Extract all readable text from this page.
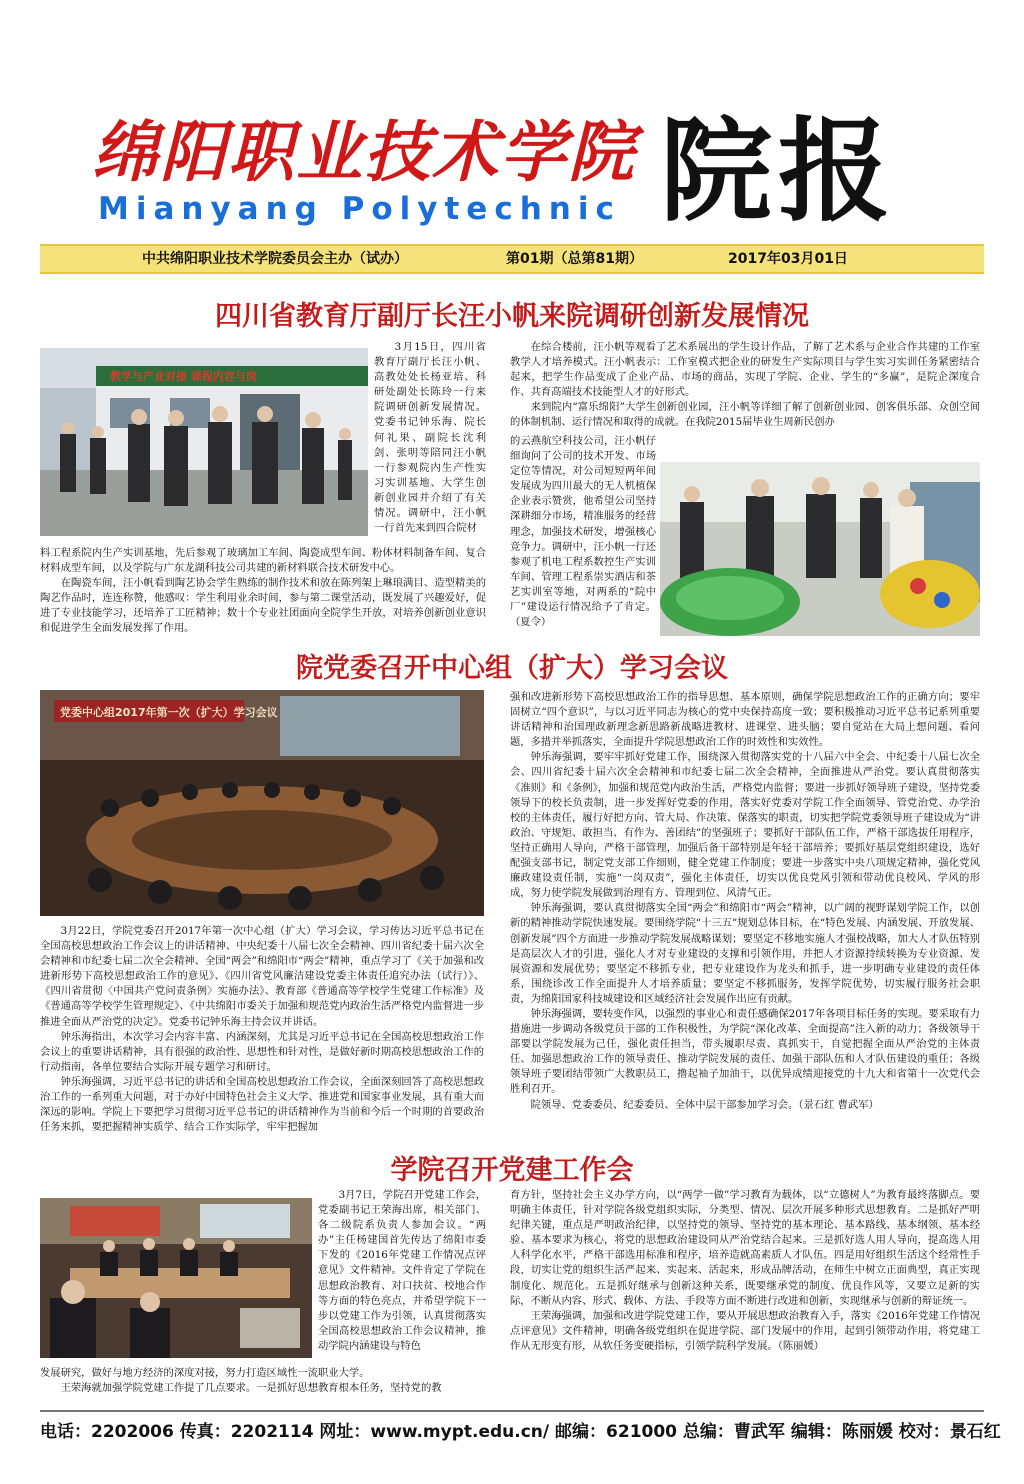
绵阳职业技术学院
Mianyang Polytechnic 院报
中共绵阳职业技术学院委员会主办（试办）	第01期（总第81期）	2017年03月01日
四川省教育厅副厅长汪小帆来院调研创新发展情况
教学与产业对接 课程内容与岗

3月15日，四川省教育厅副厅长汪小帆、高教处处长杨亚培、科研处副处长陈玲一行来院调研创新发展情况。党委书记钟乐海、院长何礼果、副院长沈利剑、张明等陪同汪小帆一行参观院内生产性实习实训基地、大学生创新创业园并介绍了有关情况。调研中，汪小帆一行首先来到四合院材

料工程系院内生产实训基地，先后参观了玻璃加工车间、陶瓷成型车间、粉体材料制备车间、复合材料成型车间，以及学院与广东龙湖科技公司共建的新材料联合技术研发中心。

在陶瓷车间，汪小帆看到陶艺协会学生熟练的制作技术和放在陈列架上琳琅满目、造型精美的陶艺作品时，连连称赞，他感叹：学生利用业余时间，参与第二课堂活动，既发展了兴趣爱好，促进了专业技能学习，还培养了工匠精神；数十个专业社团面向全院学生开放，对培养创新创业意识和促进学生全面发展发挥了作用。

在综合楼前，汪小帆等观看了艺术系展出的学生设计作品，了解了艺术系与企业合作共建的工作室教学人才培养模式。汪小帆表示：工作室模式把企业的研发生产实际项目与学生实习实训任务紧密结合起来，把学生作品变成了企业产品、市场的商品，实现了学院、企业、学生的“多赢”，是院企深度合作、共育高端技术技能型人才的好形式。

来到院内“富乐绵阳”大学生创新创业园，汪小帆等详细了解了创新创业园、创客俱乐部、众创空间的体制机制、运行情况和取得的成就。在我院2015届毕业生周新民创办

的云燕航空科技公司，汪小帆仔细询问了公司的技术开发、市场定位等情况，对公司短短两年间发展成为四川最大的无人机植保企业表示赞赏，他希望公司坚持深耕细分市场，精准服务的经营理念，加强技术研发，增强核心竞争力。调研中，汪小帆一行还参观了机电工程系数控生产实训车间、管理工程系崇实酒店和茶艺实训室等地，对两系的“院中厂”建设运行情况给予了肯定。（夏令）

院党委召开中心组（扩大）学习会议
党委中心组2017年第一次（扩大）学习会议

3月22日，学院党委召开2017年第一次中心组（扩大）学习会议，学习传达习近平总书记在全国高校思想政治工作会议上的讲话精神、中央纪委十八届七次全会精神、四川省纪委十届六次全会精神和市纪委七届二次全会精神、全国“两会”和绵阳市“两会”精神，重点学习了《关于加强和改进新形势下高校思想政治工作的意见》、《四川省党风廉洁建设党委主体责任追究办法（试行）》、《四川省贯彻〈中国共产党问责条例〉实施办法》、教育部《普通高等学校学生党建工作标准》及《普通高等学校学生管理规定》、《中共绵阳市委关于加强和规范党内政治生活严格党内监督进一步推进全面从严治党的决定》。党委书记钟乐海主持会议并讲话。

钟乐海指出，本次学习会内容丰富、内涵深刻，尤其是习近平总书记在全国高校思想政治工作会议上的重要讲话精神，具有很强的政治性、思想性和针对性，是做好新时期高校思想政治工作的行动指南，各单位要结合实际开展专题学习和研讨。

钟乐海强调，习近平总书记的讲话和全国高校思想政治工作会议，全面深刻回答了高校思想政治工作的一系列重大问题，对于办好中国特色社会主义大学、推进党和国家事业发展，具有重大而深远的影响。学院上下要把学习贯彻习近平总书记的讲话精神作为当前和今后一个时期的首要政治任务来抓，要把握精神实质学、结合工作实际学，牢牢把握加

强和改进新形势下高校思想政治工作的指导思想、基本原则，确保学院思想政治工作的正确方向；要牢固树立“四个意识”，与以习近平同志为核心的党中央保持高度一致；要积极推动习近平总书记系列重要讲话精神和治国理政新理念新思路新战略进教材、进课堂、进头脑；要自觉站在大局上想问题、看问题，多措并举抓落实，全面提升学院思想政治工作的时效性和实效性。

钟乐海强调，要牢牢抓好党建工作，围绕深入贯彻落实党的十八届六中全会、中纪委十八届七次全会、四川省纪委十届六次全会精神和市纪委七届二次全会精神，全面推进从严治党。要认真贯彻落实《准则》和《条例》，加强和规范党内政治生活，严格党内监督；要进一步抓好领导班子建设，坚持党委领导下的校长负责制，进一步发挥好党委的作用，落实好党委对学院工作全面领导、管党治党、办学治校的主体责任，履行好把方向、管大局、作决策、保落实的职责，切实把学院党委领导班子建设成为“讲政治、守规矩、敢担当、有作为、善团结”的坚强班子；要抓好干部队伍工作，严格干部选拔任用程序，坚持正确用人导向，严格干部管理，加强后备干部特别是年轻干部培养；要抓好基层党组织建设，选好配强支部书记，制定党支部工作细则，健全党建工作制度；要进一步落实中央八项规定精神，强化党风廉政建设责任制，实施“一岗双责”，强化主体责任，切实以优良党风引领和带动优良校风、学风的形成，努力使学院发展做到治理有方、管理到位、风清气正。

钟乐海强调，要认真贯彻落实全国“两会”和绵阳市“两会”精神，以广阔的视野谋划学院工作，以创新的精神推动学院快速发展。要围绕学院“十三五”规划总体目标，在“特色发展、内涵发展、开放发展、创新发展”四个方面进一步推动学院发展战略谋划；要坚定不移地实施人才强校战略，加大人才队伍特别是高层次人才的引进，强化人才对专业建设的支撑和引领作用，并把人才资源持续转换为专业资源、发展资源和发展优势；要坚定不移抓专业，把专业建设作为龙头和抓手，进一步明确专业建设的责任体系，围绕诊改工作全面提升人才培养质量；要坚定不移抓服务，发挥学院优势，切实履行服务社会职责，为绵阳国家科技城建设和区域经济社会发展作出应有贡献。

钟乐海强调，要转变作风，以强烈的事业心和责任感确保2017年各项目标任务的实现。要采取有力措施进一步调动各级党员干部的工作积极性，为学院“深化改革、全面提高”注入新的动力；各级领导干部要以学院发展为己任，强化责任担当，带头履职尽责、真抓实干，自觉把握全面从严治党的主体责任、加强思想政治工作的领导责任、推动学院发展的责任、加强干部队伍和人才队伍建设的重任；各级领导班子要团结带领广大教职员工，撸起袖子加油干，以优异成绩迎接党的十九大和省第十一次党代会胜利召开。

院领导、党委委员、纪委委员、全体中层干部参加学习会。（景石红 曹武军）

学院召开党建工作会

3月7日，学院召开党建工作会，党委副书记王荣海出席，相关部门、各二级院系负责人参加会议。“两办”主任杨建国首先传达了绵阳市委下发的《2016年党建工作情况点评意见》文件精神。文件肯定了学院在思想政治教育、对口扶贫、校地合作等方面的特色亮点，并希望学院下一步以党建工作为引领，认真贯彻落实全国高校思想政治工作会议精神，推动学院内涵建设与特色

发展研究，做好与地方经济的深度对接，努力打造区域性一流职业大学。

王荣海就加强学院党建工作提了几点要求。一是抓好思想教育根本任务，坚持党的教

育方针，坚持社会主义办学方向，以“两学一做”学习教育为载体，以“立德树人”为教育最终落脚点。要明确主体责任，针对学院各级党组织实际，分类型、情况、层次开展多种形式思想教育。二是抓好严明纪律关键，重点是严明政治纪律，以坚持党的领导、坚持党的基本理论、基本路线、基本纲领、基本经验、基本要求为核心，将党的思想政治建设同从严治党结合起来。三是抓好选人用人导向，提高选人用人科学化水平，严格干部选用标准和程序，培养造就高素质人才队伍。四是用好组织生活这个经常性手段，切实让党的组织生活严起来、实起来、活起来，形成品牌活动，在师生中树立正面典型，真正实现制度化、规范化。五是抓好继承与创新这种关系，既要继承党的制度、优良作风等，又要立足新的实际，不断从内容、形式、载体、方法、手段等方面不断进行改进和创新，实现继承与创新的辩证统一。

王荣海强调，加强和改进学院党建工作，要从开展思想政治教育入手，落实《2016年党建工作情况点评意见》文件精神，明确各级党组织在促进学院、部门发展中的作用，起到引领带动作用，将党建工作从无形变有形，从软任务变硬指标，引领学院科学发展。（陈丽媛）

电话：2202006 传真：2202114 网址：www.mypt.edu.cn/ 邮编：621000 总编：曹武军 编辑：陈丽媛 校对：景石红
